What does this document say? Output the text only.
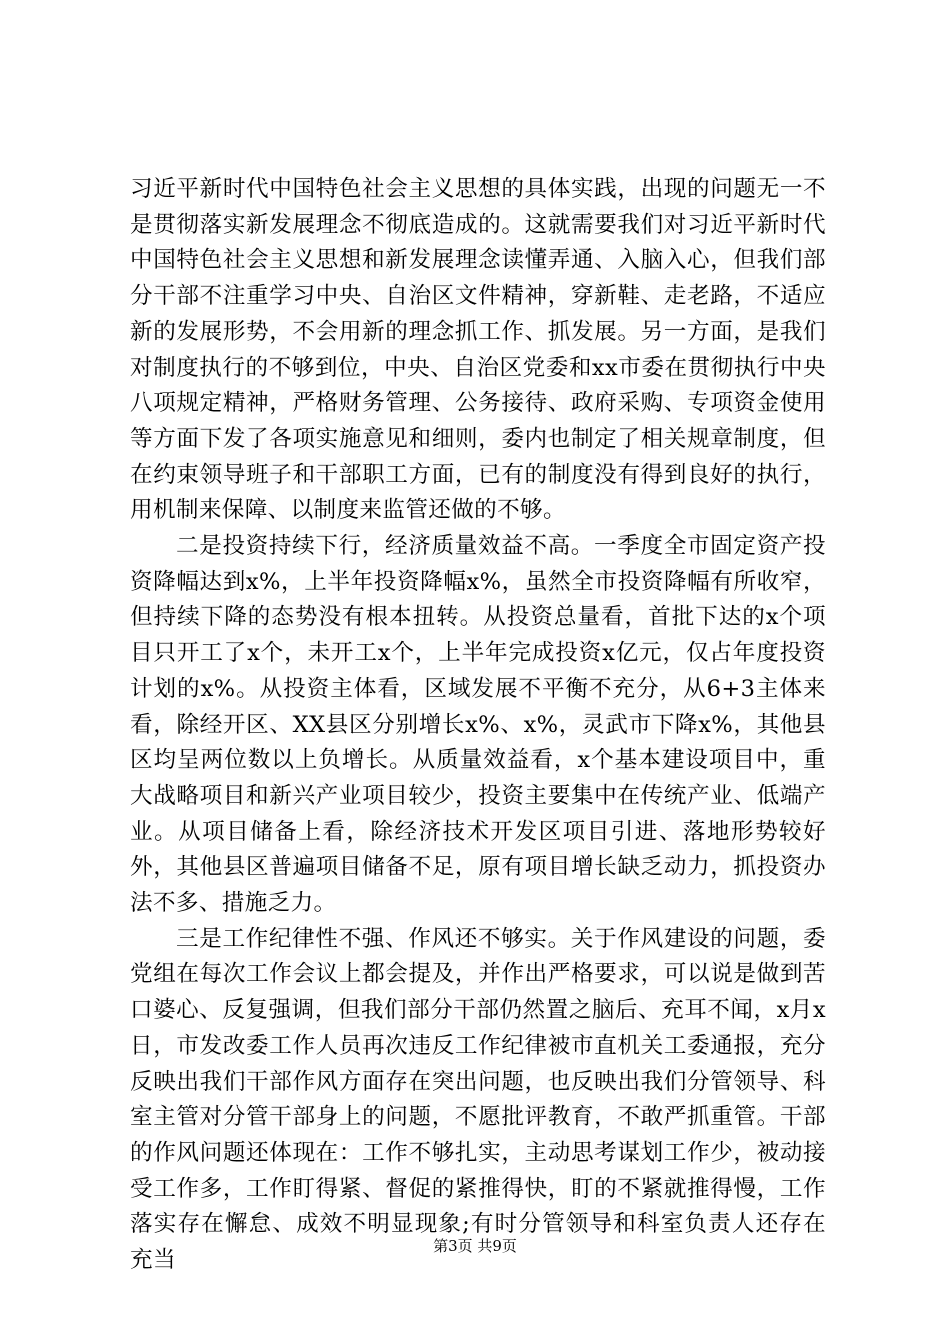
习近平新时代中国特色社会主义思想的具体实践，出现的问题无一不是贯彻落实新发展理念不彻底造成的。这就需要我们对习近平新时代中国特色社会主义思想和新发展理念读懂弄通、入脑入心，但我们部分干部不注重学习中央、自治区文件精神，穿新鞋、走老路，不适应新的发展形势，不会用新的理念抓工作、抓发展。另一方面，是我们对制度执行的不够到位，中央、自治区党委和xx市委在贯彻执行中央八项规定精神，严格财务管理、公务接待、政府采购、专项资金使用等方面下发了各项实施意见和细则，委内也制定了相关规章制度，但在约束领导班子和干部职工方面，已有的制度没有得到良好的执行，用机制来保障、以制度来监管还做的不够。

二是投资持续下行，经济质量效益不高。一季度全市固定资产投资降幅达到x%，上半年投资降幅x%，虽然全市投资降幅有所收窄，但持续下降的态势没有根本扭转。从投资总量看，首批下达的x个项目只开工了x个，未开工x个，上半年完成投资x亿元，仅占年度投资计划的x%。从投资主体看，区域发展不平衡不充分，从6+3主体来看，除经开区、XX县区分别增长x%、x%，灵武市下降x%，其他县区均呈两位数以上负增长。从质量效益看，x个基本建设项目中，重大战略项目和新兴产业项目较少，投资主要集中在传统产业、低端产业。从项目储备上看，除经济技术开发区项目引进、落地形势较好外，其他县区普遍项目储备不足，原有项目增长缺乏动力，抓投资办法不多、措施乏力。

三是工作纪律性不强、作风还不够实。关于作风建设的问题，委党组在每次工作会议上都会提及，并作出严格要求，可以说是做到苦口婆心、反复强调，但我们部分干部仍然置之脑后、充耳不闻，x月x日，市发改委工作人员再次违反工作纪律被市直机关工委通报，充分反映出我们干部作风方面存在突出问题，也反映出我们分管领导、科室主管对分管干部身上的问题，不愿批评教育，不敢严抓重管。干部的作风问题还体现在：工作不够扎实，主动思考谋划工作少，被动接受工作多，工作盯得紧、督促的紧推得快，盯的不紧就推得慢，工作落实存在懈怠、成效不明显现象;有时分管领导和科室负责人还存在充当

第3页 共9页
